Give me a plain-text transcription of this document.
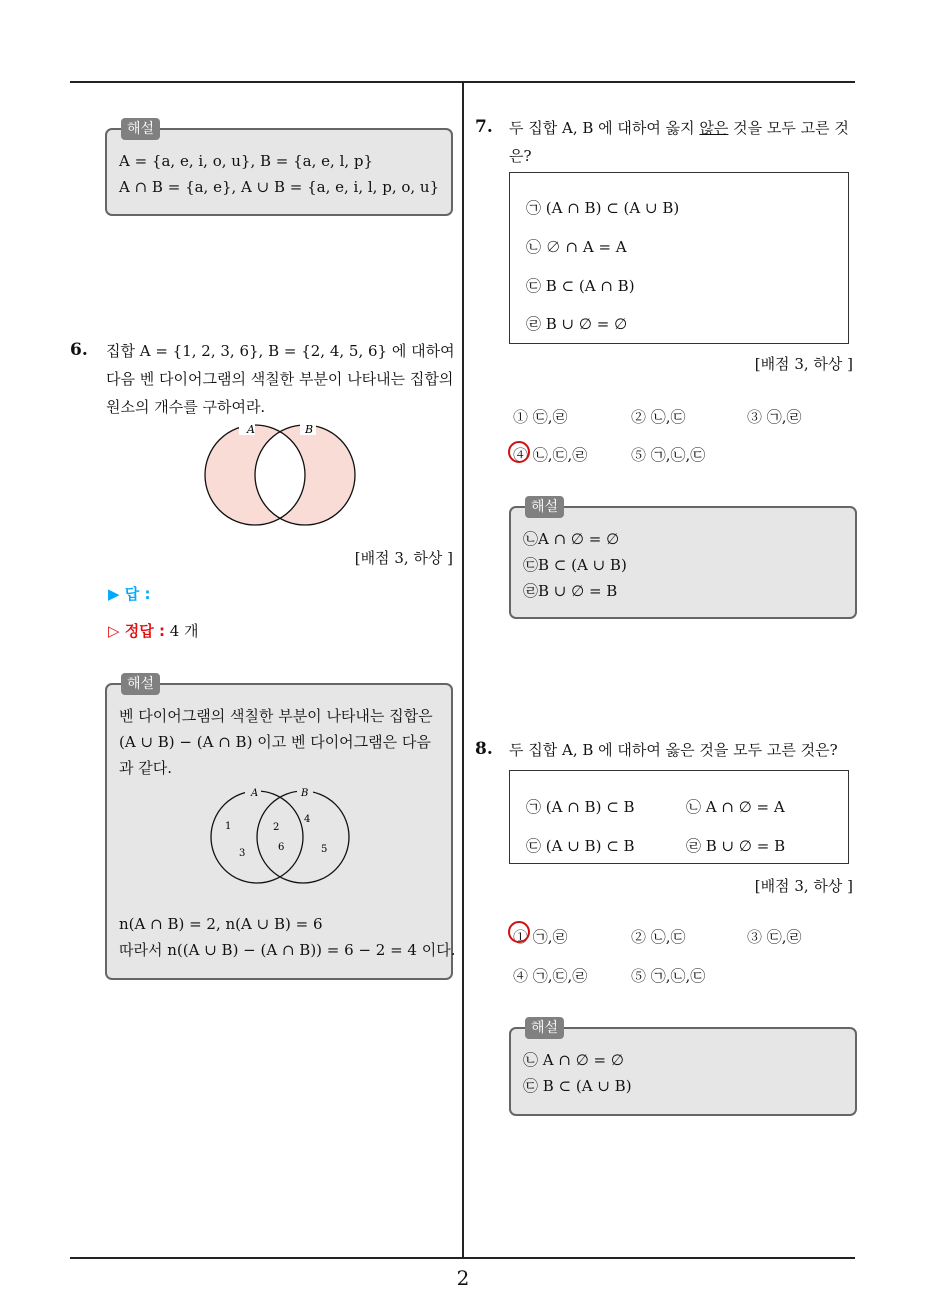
2
해설
A = {a, e, i, o, u}, B = {a, e, l, p}
A ∩ B = {a, e}, A ∪ B = {a, e, i, l, p, o, u}
6. 집합 A = {1, 2, 3, 6}, B = {2, 4, 5, 6} 에 대하여 다음 벤 다이어그램의 색칠한 부분이 나타내는 집합의 원소의 개수를 구하여라.
A	B
[배점 3, 하상 ]
▶ 답 :
▷ 정답 : 4 개
해설
벤 다이어그램의 색칠한 부분이 나타내는 집합은 (A ∪ B) − (A ∩ B) 이고 벤 다이어그램은 다음과 같다.
A	B
1	2
3
4
5
6
n(A ∩ B) = 2, n(A ∪ B) = 6
따라서 n((A ∪ B) − (A ∩ B)) = 6 − 2 = 4 이다.
7. 두 집합 A, B 에 대하여 옳지 않은 것을 모두 고른 것은?
㉠ (A ∩ B) ⊂ (A ∪ B)
㉡ ∅ ∩ A = A
㉢ B ⊂ (A ∩ B)
㉣ B ∪ ∅ = ∅
[배점 3, 하상 ]
① ㉢,㉣	② ㉡,㉢	③ ㉠,㉣
④ ㉡,㉢,㉣	⑤ ㉠,㉡,㉢
해설
㉡A ∩ ∅ = ∅
㉢B ⊂ (A ∪ B)
㉣B ∪ ∅ = B
8. 두 집합 A, B 에 대하여 옳은 것을 모두 고른 것은?
㉠ (A ∩ B) ⊂ B	㉡ A ∩ ∅ = A
㉢ (A ∪ B) ⊂ B	㉣ B ∪ ∅ = B
[배점 3, 하상 ]
① ㉠,㉣	② ㉡,㉢	③ ㉢,㉣
④ ㉠,㉢,㉣	⑤ ㉠,㉡,㉢
해설
㉡ A ∩ ∅ = ∅
㉢ B ⊂ (A ∪ B)
